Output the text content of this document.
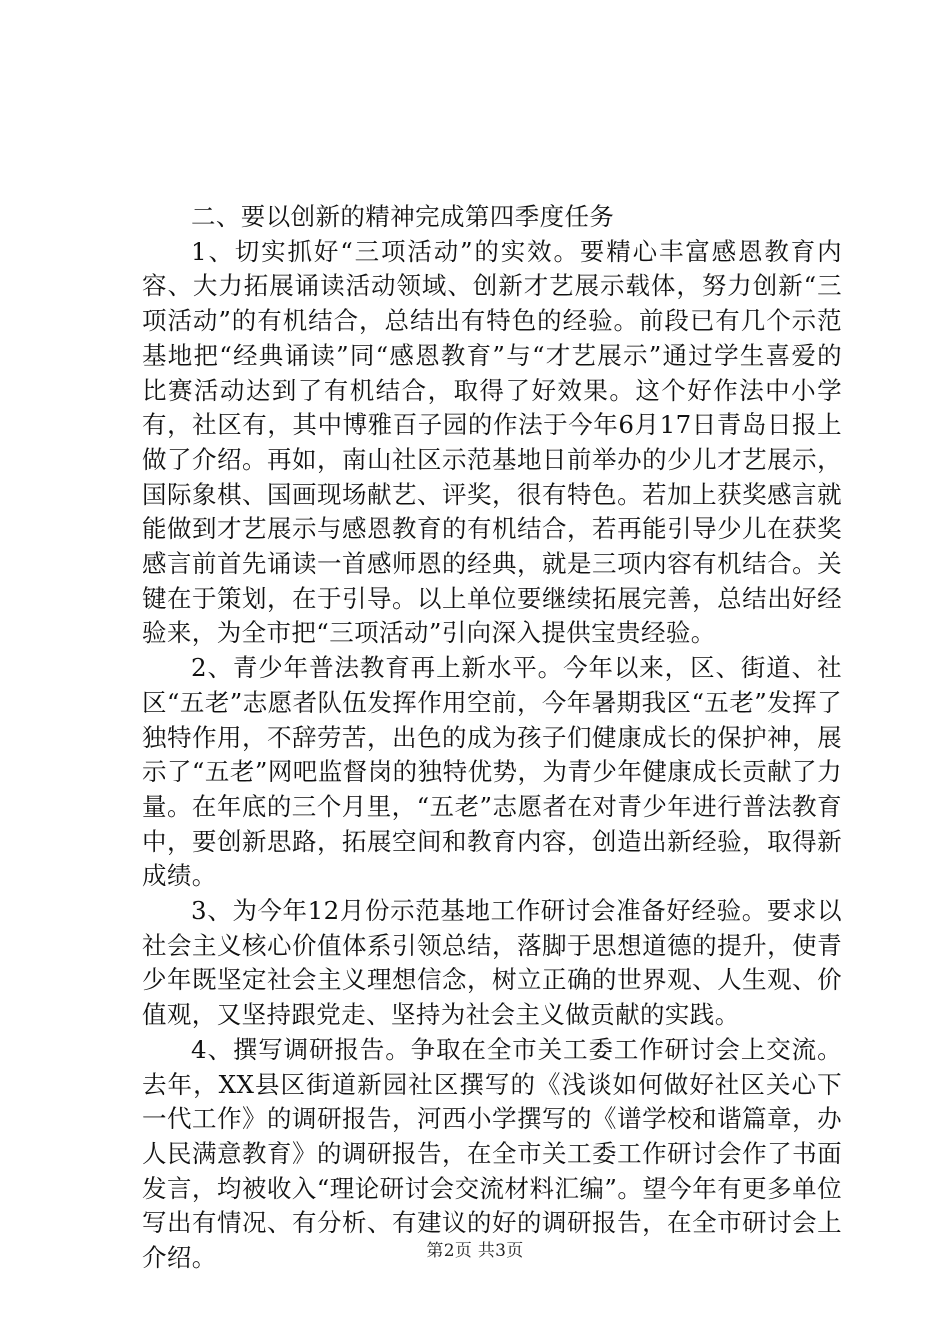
二、要以创新的精神完成第四季度任务

1、切实抓好“三项活动”的实效。要精心丰富感恩教育内容、大力拓展诵读活动领域、创新才艺展示载体，努力创新“三项活动”的有机结合，总结出有特色的经验。前段已有几个示范基地把“经典诵读”同“感恩教育”与“才艺展示”通过学生喜爱的比赛活动达到了有机结合，取得了好效果。这个好作法中小学有，社区有，其中博雅百子园的作法于今年6月17日青岛日报上做了介绍。再如，南山社区示范基地日前举办的少儿才艺展示，国际象棋、国画现场献艺、评奖，很有特色。若加上获奖感言就能做到才艺展示与感恩教育的有机结合，若再能引导少儿在获奖感言前首先诵读一首感师恩的经典，就是三项内容有机结合。关键在于策划，在于引导。以上单位要继续拓展完善，总结出好经验来，为全市把“三项活动”引向深入提供宝贵经验。

2、青少年普法教育再上新水平。今年以来，区、街道、社区“五老”志愿者队伍发挥作用空前，今年暑期我区“五老”发挥了独特作用，不辞劳苦，出色的成为孩子们健康成长的保护神，展示了“五老”网吧监督岗的独特优势，为青少年健康成长贡献了力量。在年底的三个月里，“五老”志愿者在对青少年进行普法教育中，要创新思路，拓展空间和教育内容，创造出新经验，取得新成绩。

3、为今年12月份示范基地工作研讨会准备好经验。要求以社会主义核心价值体系引领总结，落脚于思想道德的提升，使青少年既坚定社会主义理想信念，树立正确的世界观、人生观、价值观，又坚持跟党走、坚持为社会主义做贡献的实践。

4、撰写调研报告。争取在全市关工委工作研讨会上交流。去年，XX县区街道新园社区撰写的《浅谈如何做好社区关心下一代工作》的调研报告，河西小学撰写的《谱学校和谐篇章，办人民满意教育》的调研报告，在全市关工委工作研讨会作了书面发言，均被收入“理论研讨会交流材料汇编”。望今年有更多单位写出有情况、有分析、有建议的好的调研报告，在全市研讨会上介绍。	第2页 共3页
